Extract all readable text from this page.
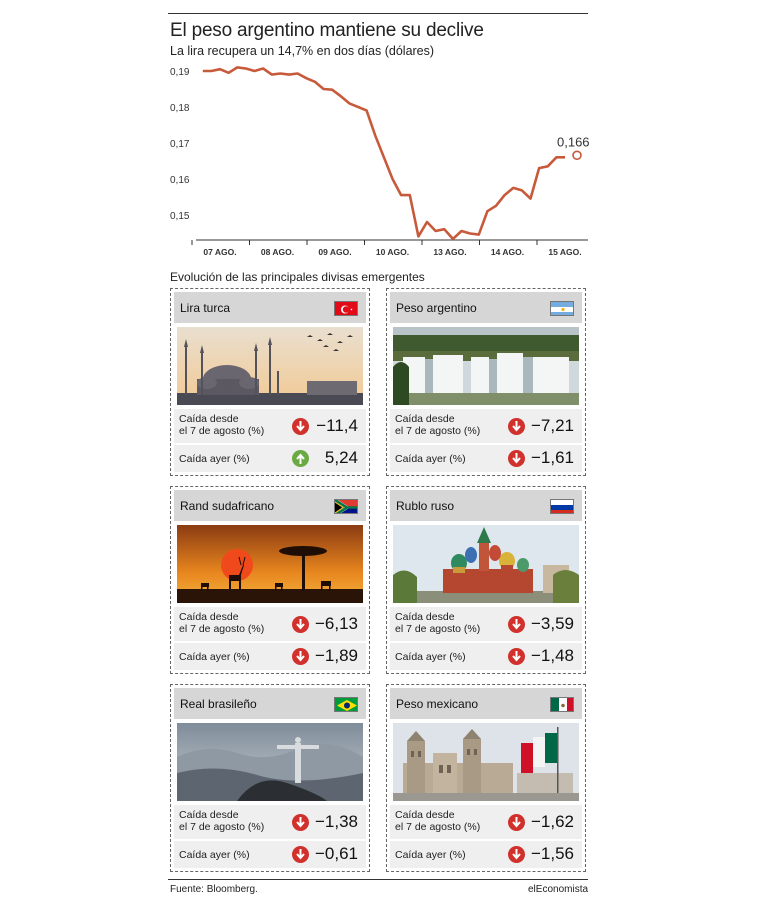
El peso argentino mantiene su declive
La lira recupera un 14,7% en dos días (dólares)
0,19
0,18
0,17
0,16
0,15
07 AGO.	08 AGO.	09 AGO.	10 AGO.	13 AGO.	14 AGO.	15 AGO.
0,166
Evolución de las principales divisas emergentes
Lira turca
Caída desde
el 7 de agosto (%)	−11,4
Caída ayer (%)	5,24
Peso argentino
Caída desde
el 7 de agosto (%)	−7,21
Caída ayer (%)	−1,61
Rand sudafricano
Caída desde
el 7 de agosto (%)	−6,13
Caída ayer (%)	−1,89
Rublo ruso
Caída desde
el 7 de agosto (%)	−3,59
Caída ayer (%)	−1,48
Real brasileño
Caída desde
el 7 de agosto (%)	−1,38
Caída ayer (%)	−0,61
Peso mexicano
Caída desde
el 7 de agosto (%)	−1,62
Caída ayer (%)	−1,56
Fuente: Bloomberg.	elEconomista
